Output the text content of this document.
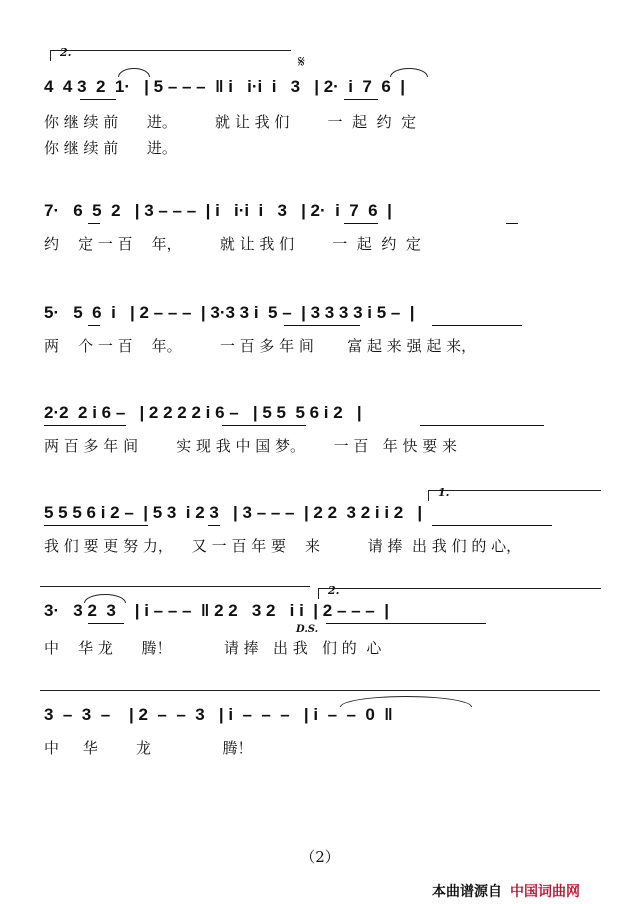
2.	𝄋
4  4 3  2  1·   | 5 – – –  ‖ i   i·i  i   3   | 2·  i  7  6  |
你 继 续 前      进。        就 让 我 们        一  起  约  定
你 继 续 前      进。
7·   6  5  2   | 3 – – –  | i   i·i  i   3   | 2·  i  7  6  |
约    定 一 百    年，        就 让 我 们        一  起  约  定
5·   5  6  i   | 2 – – –  | 3·3 3 i  5 –  | 3 3 3 3 i 5 –  |
两    个 一 百    年。        一 百 多 年 间       富 起 来 强 起 来，
2·2  2 i 6 –   | 2 2 2 2 i 6 –   | 5 5  5 6 i 2   |
两 百 多 年 间        实 现 我 中 国 梦。      一 百   年 快 要 来
1.
5 5 5 6 i 2 –  | 5 3  i 2 3   | 3 – – –  | 2 2  3 2 i i 2   |
我 们 要 更 努 力，    又 一 百 年 要    来          请 捧  出 我 们 的 心，
2.
3·   3 2  3    | i – – –  ‖ 2 2   3 2   i i  | 2 – – –  |
D.S.
中    华 龙      腾！           请 捧   出 我   们 的  心
3  –  3  –    | 2  –  –  3   | i  –  –  –   | i  –  –  0  ‖
中     华        龙               腾！
（2）
本曲谱源自 中国词曲网
